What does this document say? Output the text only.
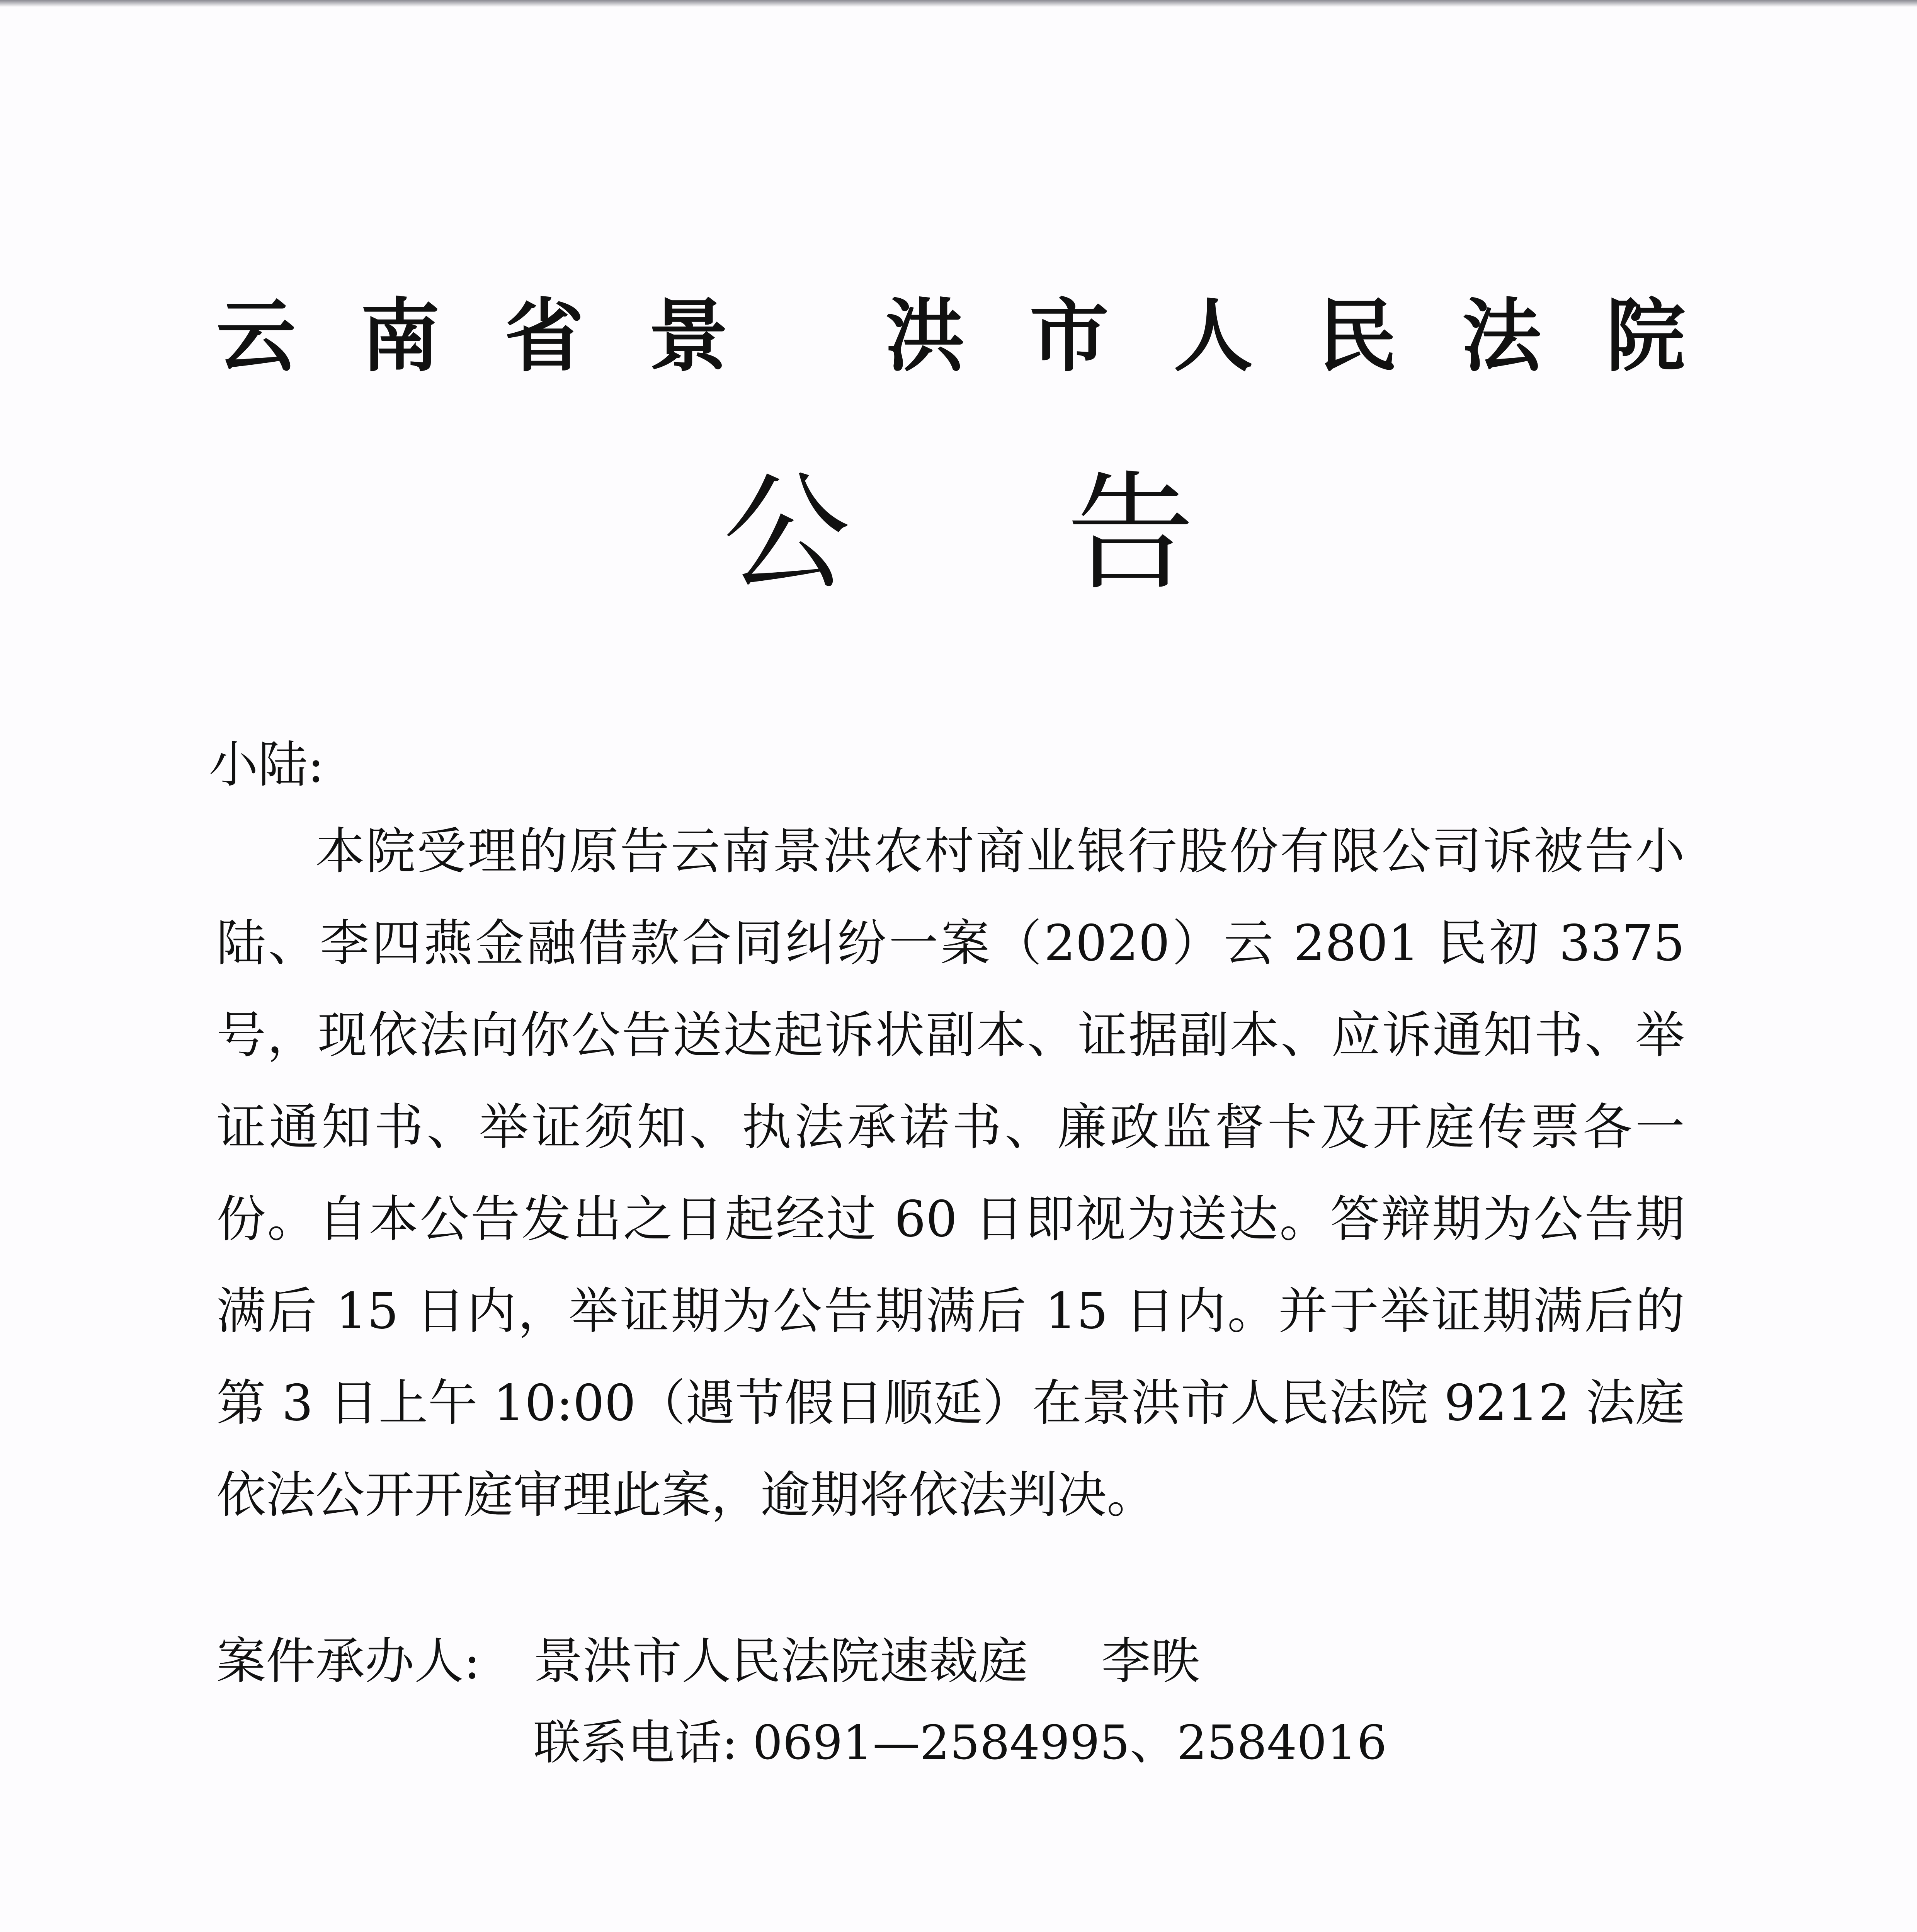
云南省景 洪市人民法院
公告
小陆:
本院受理的原告云南景洪农村商业银行股份有限公司诉被告小陆、李四燕金融借款合同纠纷一案（2020）云 2801 民初 3375 号，现依法向你公告送达起诉状副本、证据副本、应诉通知书、举证通知书、举证须知、执法承诺书、廉政监督卡及开庭传票各一份。自本公告发出之日起经过 60 日即视为送达。答辩期为公告期满后 15 日内，举证期为公告期满后 15 日内。并于举证期满后的第 3 日上午 10:00（遇节假日顺延）在景洪市人民法院 9212 法庭依法公开开庭审理此案，逾期将依法判决。
案件承办人: 景洪市人民法院速裁庭 李昳
联系电话: 0691—2584995、2584016
